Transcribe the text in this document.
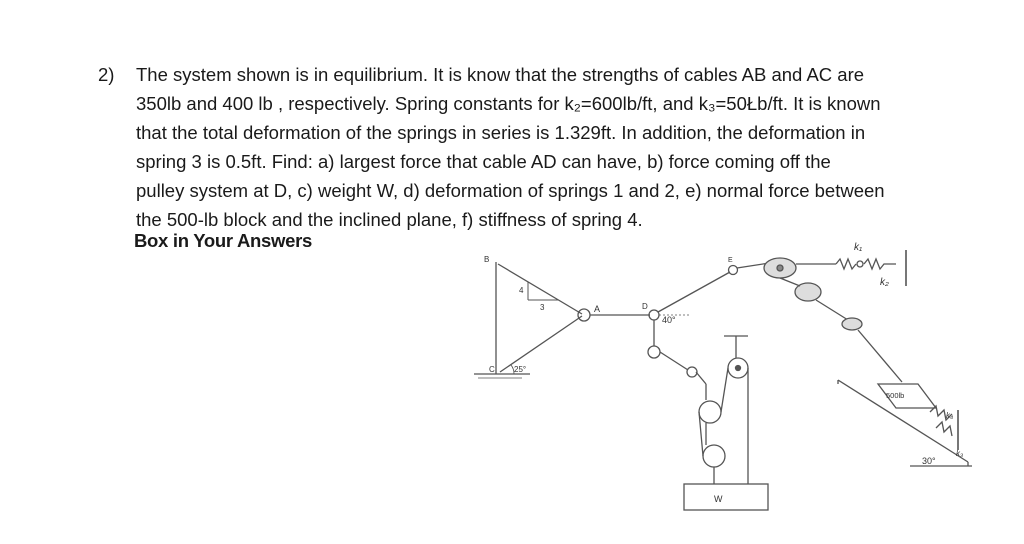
2) The system shown is in equilibrium. It is know that the strengths of cables AB and AC are
350lb and 400 lb , respectively. Spring constants for k₂=600lb/ft, and k₃=50Łb/ft. It is known
that the total deformation of the springs in series is 1.329ft. In addition, the deformation in
spring 3 is 0.5ft. Find: a) largest force that cable AD can have, b) force coming off the
pulley system at D, c) weight W, d) deformation of springs 1 and 2, e) normal force between
the 500-lb block and the inclined plane, f) stiffness of spring 4.
Box in Your Answers
B
C
4
3
25°
A	D
40°
E
k₁
k₂
500lb
k₄
k₃
30°
W
